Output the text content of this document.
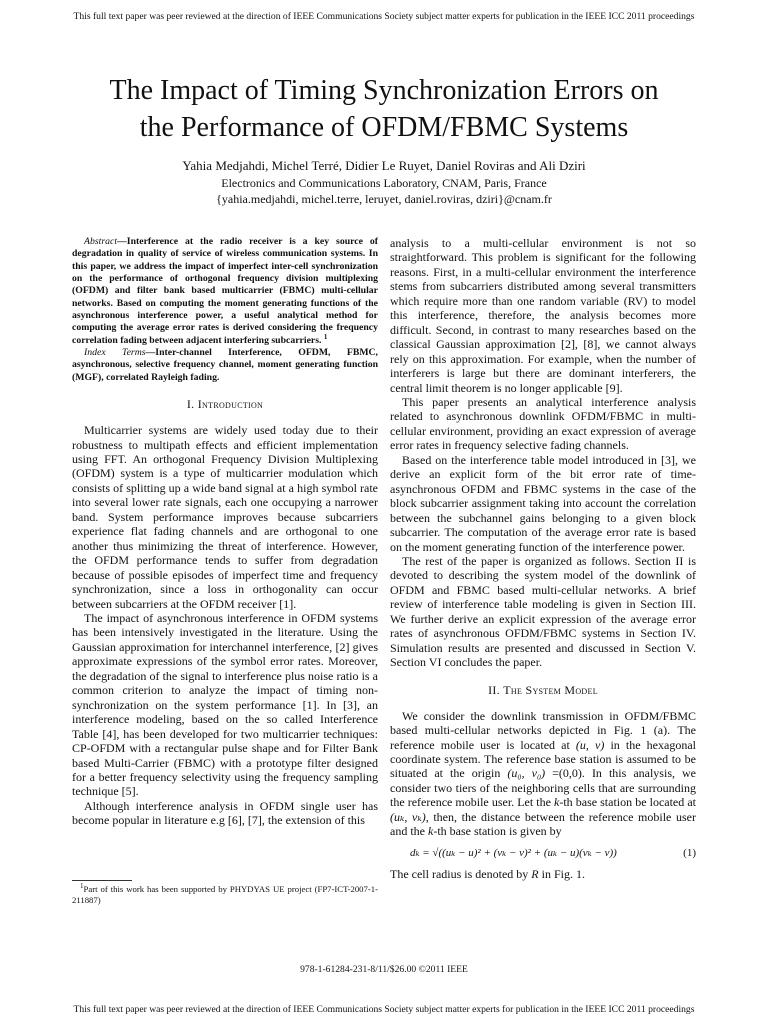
This full text paper was peer reviewed at the direction of IEEE Communications Society subject matter experts for publication in the IEEE ICC 2011 proceedings
The Impact of Timing Synchronization Errors on
the Performance of OFDM/FBMC Systems
Yahia Medjahdi, Michel Terré, Didier Le Ruyet, Daniel Roviras and Ali Dziri
Electronics and Communications Laboratory, CNAM, Paris, France
{yahia.medjahdi, michel.terre, leruyet, daniel.roviras, dziri}@cnam.fr

Abstract—Interference at the radio receiver is a key source of degradation in quality of service of wireless communication systems. In this paper, we address the impact of imperfect inter-cell synchronization on the performance of orthogonal frequency division multiplexing (OFDM) and filter bank based multicarrier (FBMC) multi-cellular networks. Based on computing the moment generating functions of the asynchronous interference power, a useful analytical method for computing the average error rates is derived considering the frequency correlation fading between adjacent interfering subcarriers. $^1$

Index Terms—Inter-channel Interference, OFDM, FBMC, asynchronous, selective frequency channel, moment generating function (MGF), correlated Rayleigh fading.

I. Introduction

Multicarrier systems are widely used today due to their robustness to multipath effects and efficient implementation using FFT. An orthogonal Frequency Division Multiplexing (OFDM) system is a type of multicarrier modulation which consists of splitting up a wide band signal at a high symbol rate into several lower rate signals, each one occupying a narrower band. System performance improves because subcarriers experience flat fading channels and are orthogonal to one another thus minimizing the threat of interference. However, the OFDM performance tends to suffer from degradation because of possible episodes of imperfect time and frequency synchronization, since a loss in orthogonality can occur between subcarriers at the OFDM receiver [1].

The impact of asynchronous interference in OFDM systems has been intensively investigated in the literature. Using the Gaussian approximation for interchannel interference, [2] gives approximate expressions of the symbol error rates. Moreover, the degradation of the signal to interference plus noise ratio is a common criterion to analyze the impact of timing non-synchronization on the system performance [1]. In [3], an interference modeling, based on the so called Interference Table [4], has been developed for two multicarrier techniques: CP-OFDM with a rectangular pulse shape and for Filter Bank based Multi-Carrier (FBMC) with a prototype filter designed for a better frequency selectivity using the frequency sampling technique [5].

Although interference analysis in OFDM single user has become popular in literature e.g [6], [7], the extension of this

$^1$Part of this work has been supported by PHYDYAS UE project (FP7-ICT-2007-1-211887)

analysis to a multi-cellular environment is not so straightforward. This problem is significant for the following reasons. First, in a multi-cellular environment the interference stems from subcarriers distributed among several transmitters which require more than one random variable (RV) to model this interference, therefore, the analysis becomes more difficult. Second, in contrast to many researches based on the classical Gaussian approximation [2], [8], we cannot always rely on this approximation. For example, when the number of interferers is large but there are dominant interferers, the central limit theorem is no longer applicable [9].

This paper presents an analytical interference analysis related to asynchronous downlink OFDM/FBMC in multi-cellular environment, providing an exact expression of average error rates in frequency selective fading channels.

Based on the interference table model introduced in [3], we derive an explicit form of the bit error rate of time-asynchronous OFDM and FBMC systems in the case of the block subcarrier assignment taking into account the correlation between the subchannel gains belonging to a given block subcarrier. The computation of the average error rate is based on the moment generating function of the interference power.

The rest of the paper is organized as follows. Section II is devoted to describing the system model of the downlink of OFDM and FBMC based multi-cellular networks. A brief review of interference table modeling is given in Section III. We further derive an explicit expression of the average error rates of asynchronous OFDM/FBMC systems in Section IV. Simulation results are presented and discussed in Section V. Section VI concludes the paper.

II. The System Model

We consider the downlink transmission in OFDM/FBMC based multi-cellular networks depicted in Fig. 1 (a). The reference mobile user is located at (u, v) in the hexagonal coordinate system. The reference base station is assumed to be situated at the origin (u₀, v₀) =(0,0). In this analysis, we consider two tiers of the neighboring cells that are surrounding the reference mobile user. Let the k-th base station be located at (uₖ, vₖ), then, the distance between the reference mobile user and the k-th base station is given by

dₖ = √((uₖ − u)² + (vₖ − v)² + (uₖ − u)(vₖ − v))	(1)

The cell radius is denoted by R in Fig. 1.

978-1-61284-231-8/11/$26.00 ©2011 IEEE
This full text paper was peer reviewed at the direction of IEEE Communications Society subject matter experts for publication in the IEEE ICC 2011 proceedings
